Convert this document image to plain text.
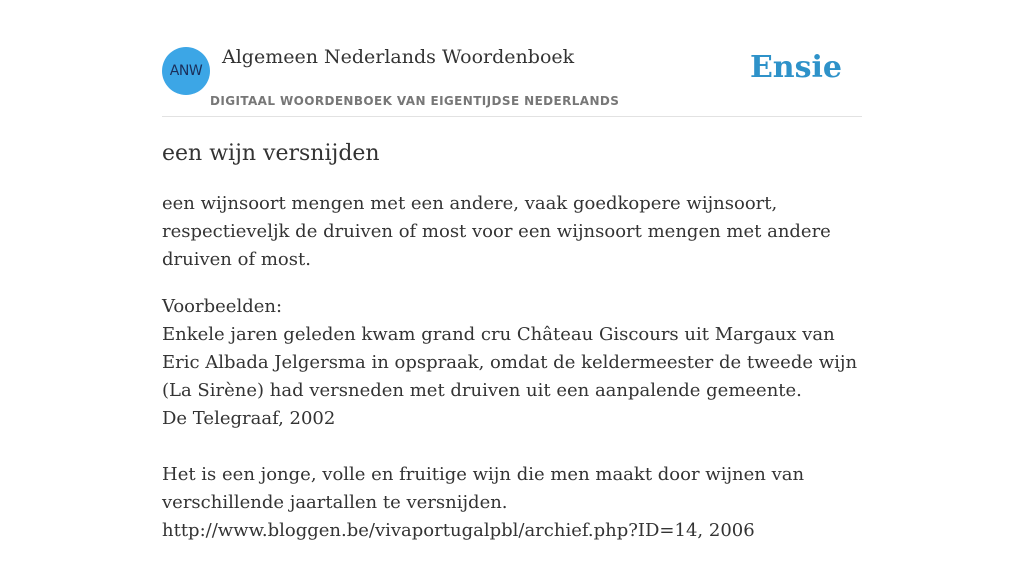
ANW
Algemeen Nederlands Woordenboek
DIGITAAL WOORDENBOEK VAN EIGENTIJDSE NEDERLANDS
Ensie
een wijn versnijden
een wijnsoort mengen met een andere, vaak goedkopere wijnsoort, respectieveljk de druiven of most voor een wijnsoort mengen met andere druiven of most.
Voorbeelden:
Enkele jaren geleden kwam grand cru Château Giscours uit Margaux van Eric Albada Jelgersma in opspraak, omdat de keldermeester de tweede wijn (La Sirène) had versneden met druiven uit een aanpalende gemeente.
De Telegraaf, 2002
Het is een jonge, volle en fruitige wijn die men maakt door wijnen van verschillende jaartallen te versnijden.
http://www.bloggen.be/vivaportugalpbl/archief.php?ID=14, 2006
